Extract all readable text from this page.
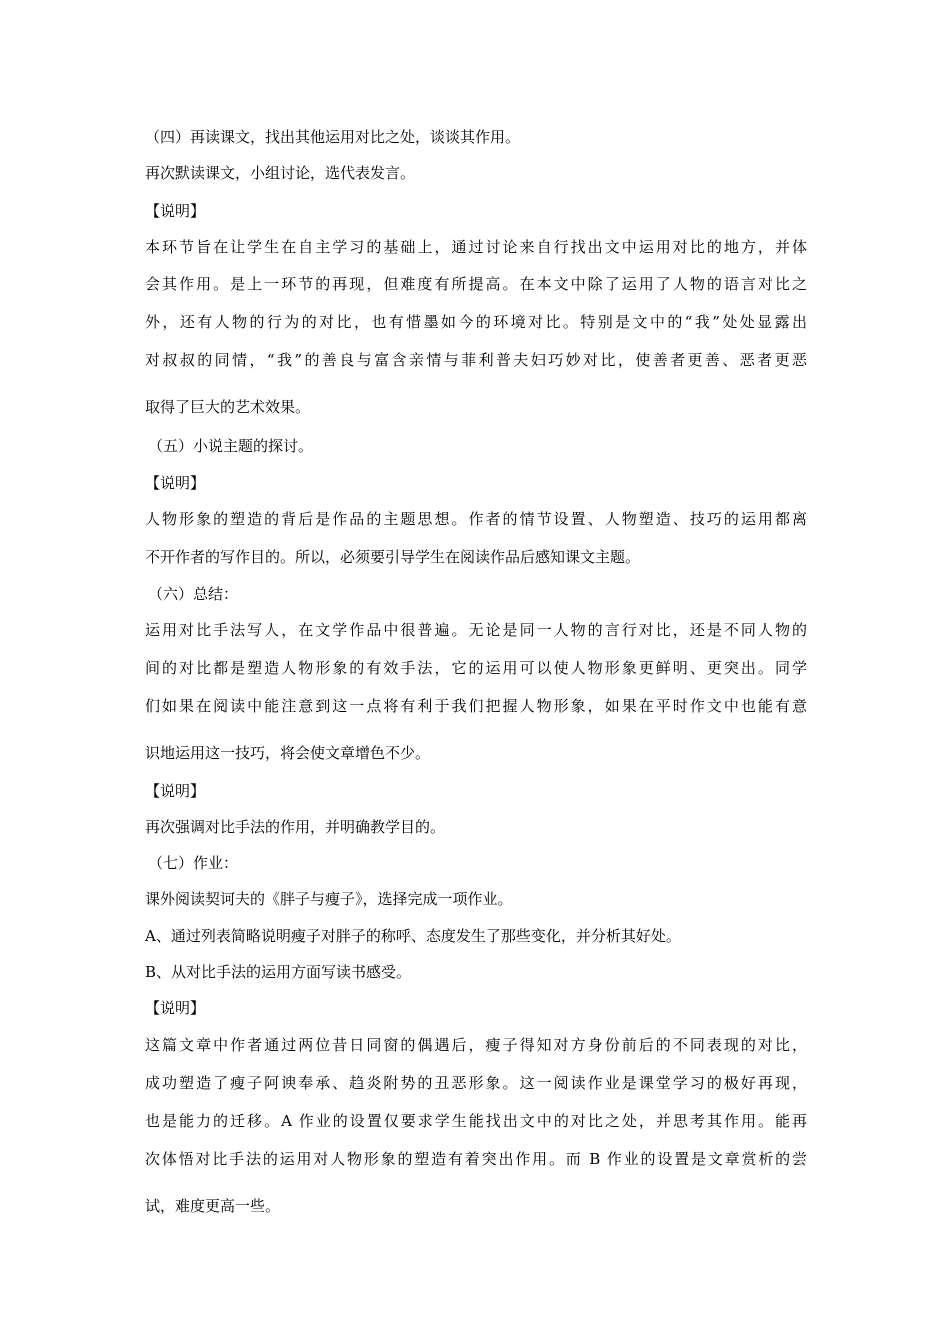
（四）再读课文，找出其他运用对比之处，谈谈其作用。
再次默读课文，小组讨论，选代表发言。
【说明】
本环节旨在让学生在自主学习的基础上，通过讨论来自行找出文中运用对比的地方，并体
会其作用。是上一环节的再现，但难度有所提高。在本文中除了运用了人物的语言对比之
外，还有人物的行为的对比，也有惜墨如今的环境对比。特别是文中的“我”处处显露出
对叔叔的同情，“我”的善良与富含亲情与菲利普夫妇巧妙对比，使善者更善、恶者更恶
取得了巨大的艺术效果。
（五）小说主题的探讨。
【说明】
人物形象的塑造的背后是作品的主题思想。作者的情节设置、人物塑造、技巧的运用都离
不开作者的写作目的。所以，必须要引导学生在阅读作品后感知课文主题。
（六）总结：
运用对比手法写人，在文学作品中很普遍。无论是同一人物的言行对比，还是不同人物的
间的对比都是塑造人物形象的有效手法，它的运用可以使人物形象更鲜明、更突出。同学
们如果在阅读中能注意到这一点将有利于我们把握人物形象，如果在平时作文中也能有意
识地运用这一技巧，将会使文章增色不少。
【说明】
再次强调对比手法的作用，并明确教学目的。
（七）作业：
课外阅读契诃夫的《胖子与瘦子》，选择完成一项作业。
A、通过列表简略说明瘦子对胖子的称呼、态度发生了那些变化，并分析其好处。
B、从对比手法的运用方面写读书感受。
【说明】
这篇文章中作者通过两位昔日同窗的偶遇后，瘦子得知对方身份前后的不同表现的对比，
成功塑造了瘦子阿谀奉承、趋炎附势的丑恶形象。这一阅读作业是课堂学习的极好再现，
也是能力的迁移。A 作业的设置仅要求学生能找出文中的对比之处，并思考其作用。能再
次体悟对比手法的运用对人物形象的塑造有着突出作用。而 B 作业的设置是文章赏析的尝
试，难度更高一些。
